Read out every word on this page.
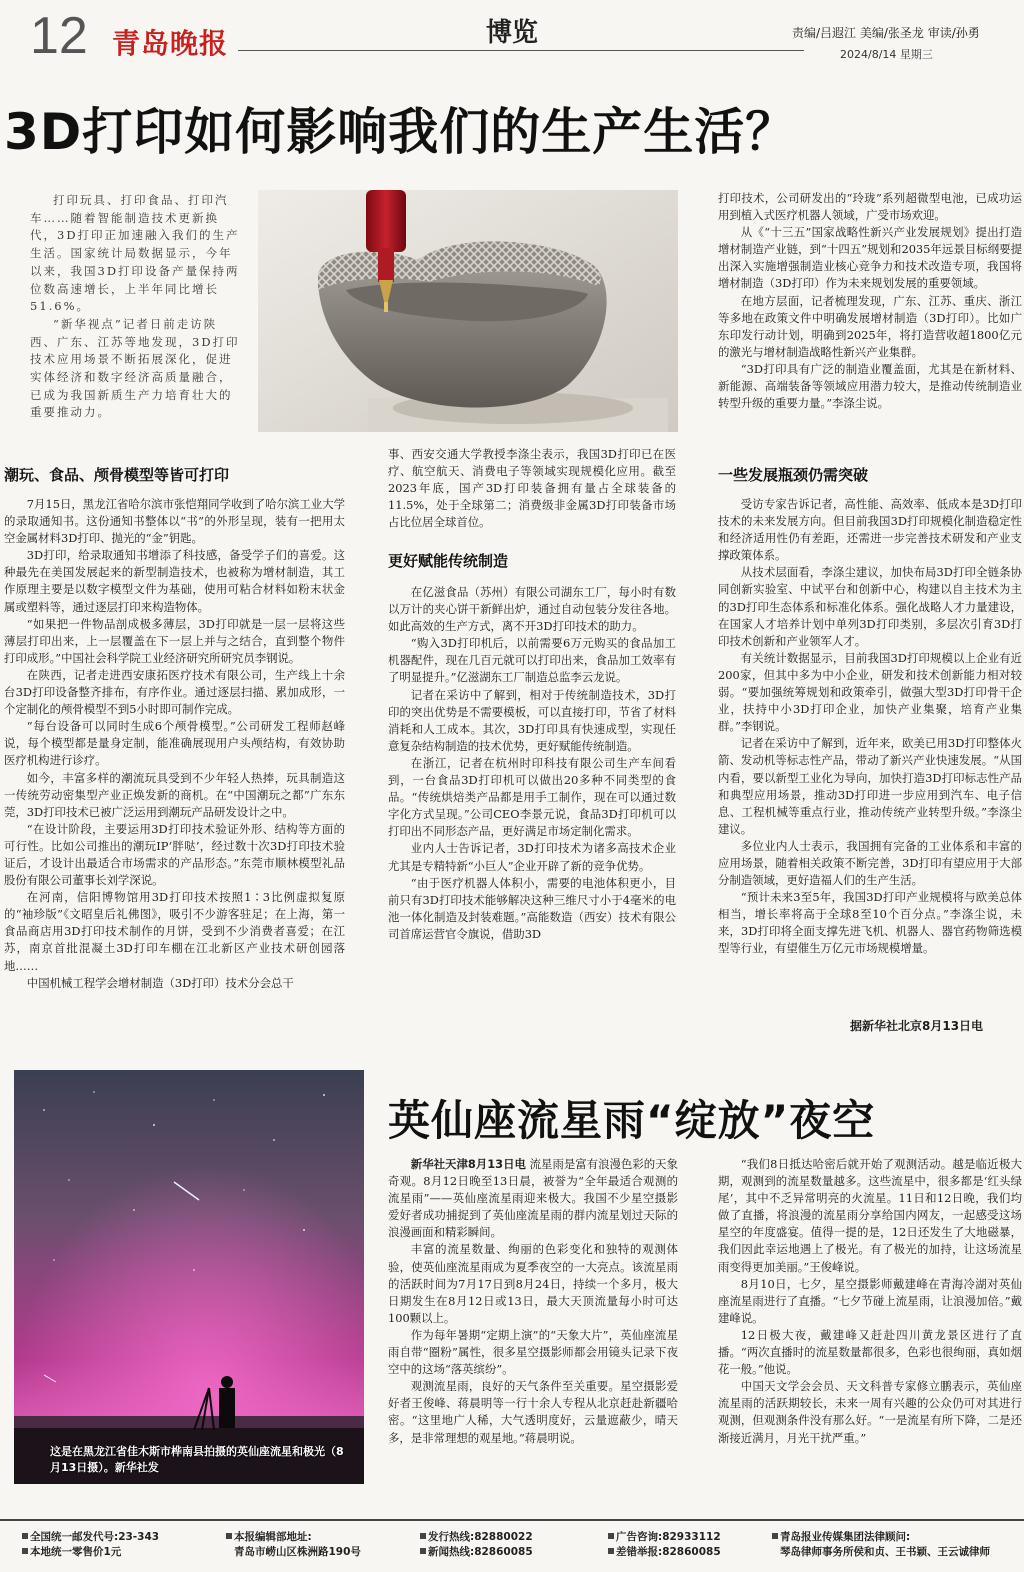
12 青岛晚报	博览	责编/吕遐江 美编/张圣龙 审读/孙勇
2024/8/14 星期三
3D打印如何影响我们的生产生活？

打印玩具、打印食品、打印汽车……随着智能制造技术更新换代，3D打印正加速融入我们的生产生活。国家统计局数据显示，今年以来，我国3D打印设备产量保持两位数高速增长，上半年同比增长51.6%。

“新华视点”记者日前走访陕西、广东、江苏等地发现，3D打印技术应用场景不断拓展深化，促进实体经济和数字经济高质量融合，已成为我国新质生产力培育壮大的重要推动力。

潮玩、食品、颅骨模型等皆可打印

7月15日，黑龙江省哈尔滨市张恺翔同学收到了哈尔滨工业大学的录取通知书。这份通知书整体以“书”的外形呈现，装有一把用太空金属材料3D打印、抛光的“金”钥匙。

3D打印，给录取通知书增添了科技感，备受学子们的喜爱。这种最先在美国发展起来的新型制造技术，也被称为增材制造，其工作原理主要是以数字模型文件为基础，使用可粘合材料如粉末状金属或塑料等，通过逐层打印来构造物体。

“如果把一件物品剖成极多薄层，3D打印就是一层一层将这些薄层打印出来，上一层覆盖在下一层上并与之结合，直到整个物件打印成形。”中国社会科学院工业经济研究所研究员李钢说。

在陕西，记者走进西安康拓医疗技术有限公司，生产线上十余台3D打印设备整齐排布，有序作业。通过逐层扫描、累加成形，一个定制化的颅骨模型不到5小时即可制作完成。

“每台设备可以同时生成6个颅骨模型。”公司研发工程师赵峰说，每个模型都是量身定制，能准确展现用户头颅结构，有效协助医疗机构进行诊疗。

如今，丰富多样的潮流玩具受到不少年轻人热捧，玩具制造这一传统劳动密集型产业正焕发新的商机。在“中国潮玩之都”广东东莞，3D打印技术已被广泛运用到潮玩产品研发设计之中。

“在设计阶段，主要运用3D打印技术验证外形、结构等方面的可行性。比如公司推出的潮玩IP‘胖哒’，经过数十次3D打印技术验证后，才设计出最适合市场需求的产品形态。”东莞市顺林模型礼品股份有限公司董事长刘学深说。

在河南，信阳博物馆用3D打印技术按照1∶3比例虚拟复原的“袖珍版”《文昭皇后礼佛图》，吸引不少游客驻足；在上海，第一食品商店用3D打印技术制作的月饼，受到不少消费者喜爱；在江苏，南京首批混凝土3D打印车棚在江北新区产业技术研创园落地……

中国机械工程学会增材制造（3D打印）技术分会总干

事、西安交通大学教授李涤尘表示，我国3D打印已在医疗、航空航天、消费电子等领域实现规模化应用。截至2023年底，国产3D打印装备拥有量占全球装备的11.5%，处于全球第二；消费级非金属3D打印装备市场占比位居全球首位。

更好赋能传统制造

在亿滋食品（苏州）有限公司湖东工厂，每小时有数以万计的夹心饼干新鲜出炉，通过自动包装分发往各地。如此高效的生产方式，离不开3D打印技术的助力。

“购入3D打印机后，以前需要6万元购买的食品加工机器配件，现在几百元就可以打印出来，食品加工效率有了明显提升。”亿滋湖东工厂制造总监李云龙说。

记者在采访中了解到，相对于传统制造技术，3D打印的突出优势是不需要模板，可以直接打印，节省了材料消耗和人工成本。其次，3D打印具有快速成型，实现任意复杂结构制造的技术优势，更好赋能传统制造。

在浙江，记者在杭州时印科技有限公司生产车间看到，一台食品3D打印机可以做出20多种不同类型的食品。“传统烘焙类产品都是用手工制作，现在可以通过数字化方式呈现。”公司CEO李景元说，食品3D打印机可以打印出不同形态产品，更好满足市场定制化需求。

业内人士告诉记者，3D打印技术为诸多高技术企业尤其是专精特新“小巨人”企业开辟了新的竞争优势。

“由于医疗机器人体积小，需要的电池体积更小，目前只有3D打印技术能够解决这种三维尺寸小于4毫米的电池一体化制造及封装难题。”高能数造（西安）技术有限公司首席运营官令旗说，借助3D

打印技术，公司研发出的“玲珑”系列超微型电池，已成功运用到植入式医疗机器人领域，广受市场欢迎。

从《“十三五”国家战略性新兴产业发展规划》提出打造增材制造产业链，到“十四五”规划和2035年远景目标纲要提出深入实施增强制造业核心竞争力和技术改造专项，我国将增材制造（3D打印）作为未来规划发展的重要领域。

在地方层面，记者梳理发现，广东、江苏、重庆、浙江等多地在政策文件中明确发展增材制造（3D打印）。比如广东印发行动计划，明确到2025年，将打造营收超1800亿元的激光与增材制造战略性新兴产业集群。

“3D打印具有广泛的制造业覆盖面，尤其是在新材料、新能源、高端装备等领域应用潜力较大，是推动传统制造业转型升级的重要力量。”李涤尘说。

一些发展瓶颈仍需突破

受访专家告诉记者，高性能、高效率、低成本是3D打印技术的未来发展方向。但目前我国3D打印规模化制造稳定性和经济适用性仍有差距，还需进一步完善技术研发和产业支撑政策体系。

从技术层面看，李涤尘建议，加快布局3D打印全链条协同创新实验室、中试平台和创新中心，构建以自主技术为主的3D打印生态体系和标准化体系。强化战略人才力量建设，在国家人才培养计划中单列3D打印类别，多层次引育3D打印技术创新和产业领军人才。

有关统计数据显示，目前我国3D打印规模以上企业有近200家，但其中多为中小企业，研发和技术创新能力相对较弱。“要加强统筹规划和政策牵引，做强大型3D打印骨干企业，扶持中小3D打印企业，加快产业集聚，培育产业集群。”李钢说。

记者在采访中了解到，近年来，欧美已用3D打印整体火箭、发动机等标志性产品，带动了新兴产业快速发展。“从国内看，要以新型工业化为导向，加快打造3D打印标志性产品和典型应用场景，推动3D打印进一步应用到汽车、电子信息、工程机械等重点行业，推动传统产业转型升级。”李涤尘建议。

多位业内人士表示，我国拥有完备的工业体系和丰富的应用场景，随着相关政策不断完善，3D打印有望应用于大部分制造领域，更好造福人们的生产生活。

“预计未来3至5年，我国3D打印产业规模将与欧美总体相当，增长率将高于全球8至10个百分点。”李涤尘说，未来，3D打印将全面支撑先进飞机、机器人、器官药物筛选模型等行业，有望催生万亿元市场规模增量。

据新华社北京8月13日电
这是在黑龙江省佳木斯市桦南县拍摄的英仙座流星和极光（8月13日摄）。新华社发
英仙座流星雨“绽放”夜空

新华社天津8月13日电 流星雨是富有浪漫色彩的天象奇观。8月12日晚至13日晨，被誉为“全年最适合观测的流星雨”——英仙座流星雨迎来极大。我国不少星空摄影爱好者成功捕捉到了英仙座流星雨的群内流星划过天际的浪漫画面和精彩瞬间。

丰富的流星数量、绚丽的色彩变化和独特的观测体验，使英仙座流星雨成为夏季夜空的一大亮点。该流星雨的活跃时间为7月17日到8月24日，持续一个多月，极大日期发生在8月12日或13日，最大天顶流量每小时可达100颗以上。

作为每年暑期“定期上演”的“天象大片”，英仙座流星雨自带“圈粉”属性，很多星空摄影师都会用镜头记录下夜空中的这场“落英缤纷”。

观测流星雨，良好的天气条件至关重要。星空摄影爱好者王俊峰、蒋晨明等一行十余人专程从北京赶赴新疆哈密。“这里地广人稀，大气透明度好，云量遮蔽少，晴天多，是非常理想的观星地。”蒋晨明说。

“我们8日抵达哈密后就开始了观测活动。越是临近极大期，观测到的流星数量越多。这些流星中，很多都是‘红头绿尾’，其中不乏异常明亮的火流星。11日和12日晚，我们均做了直播，将浪漫的流星雨分享给国内网友，一起感受这场星空的年度盛宴。值得一提的是，12日还发生了大地磁暴，我们因此幸运地遇上了极光。有了极光的加持，让这场流星雨变得更加美丽。”王俊峰说。

8月10日，七夕，星空摄影师戴建峰在青海冷湖对英仙座流星雨进行了直播。“七夕节碰上流星雨，让浪漫加倍。”戴建峰说。

12日极大夜，戴建峰又赶赴四川黄龙景区进行了直播。“两次直播时的流星数量都很多，色彩也很绚丽，真如烟花一般。”他说。

中国天文学会会员、天文科普专家修立鹏表示，英仙座流星雨的活跃期较长，未来一周有兴趣的公众仍可对其进行观测，但观测条件没有那么好。“一是流星有所下降，二是还渐接近满月，月光干扰严重。”

全国统一邮发代号:23-343
本地统一零售价1元
本报编辑部地址:
青岛市崂山区株洲路190号
发行热线:82880022
新闻热线:82860085
广告咨询:82933112
差错举报:82860085
青岛报业传媒集团法律顾问:
琴岛律师事务所侯和贞、王书颖、王云诚律师
